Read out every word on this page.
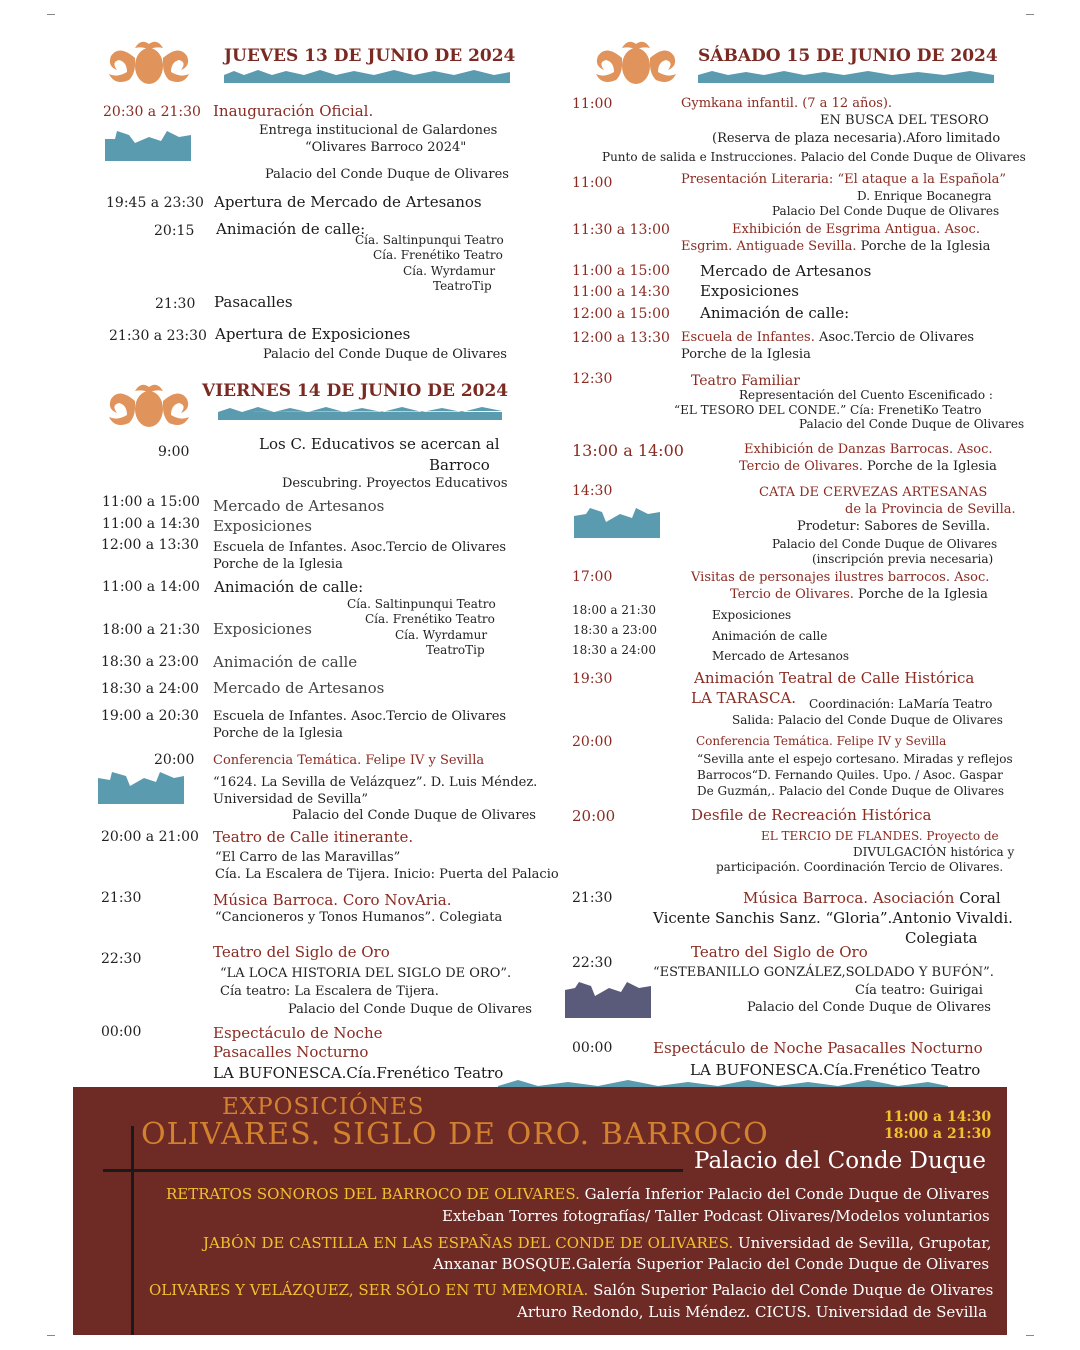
JUEVES 13 DE JUNIO DE 2024
20:30 a 21:30 Inauguración Oficial.
Entrega institucional de Galardones
“Olivares Barroco 2024"
Palacio del Conde Duque de Olivares
19:45 a 23:30 Apertura de Mercado de Artesanos
20:15 Animación de calle:
Cía. Saltinpunqui Teatro
Cía. Frenétiko Teatro
Cía. Wyrdamur
TeatroTip
21:30 Pasacalles
21:30 a 23:30 Apertura de Exposiciones
Palacio del Conde Duque de Olivares
VIERNES 14 DE JUNIO DE 2024
9:00	Los C. Educativos se acercan al
Barroco
Descubring. Proyectos Educativos
11:00 a 15:00 Mercado de Artesanos
11:00 a 14:30 Exposiciones
12:00 a 13:30 Escuela de Infantes. Asoc.Tercio de Olivares
Porche de la Iglesia
11:00 a 14:00 Animación de calle:
Cía. Saltinpunqui Teatro
Cía. Frenétiko Teatro
Cía. Wyrdamur
TeatroTip
18:00 a 21:30 Exposiciones
18:30 a 23:00 Animación de calle
18:30 a 24:00 Mercado de Artesanos
19:00 a 20:30 Escuela de Infantes. Asoc.Tercio de Olivares
Porche de la Iglesia
20:00 Conferencia Temática. Felipe IV y Sevilla
“1624. La Sevilla de Velázquez”. D. Luis Méndez.
Universidad de Sevilla”
Palacio del Conde Duque de Olivares
20:00 a 21:00 Teatro de Calle itinerante.
“El Carro de las Maravillas”
Cía. La Escalera de Tijera. Inicio: Puerta del Palacio
21:30	Música Barroca. Coro NovAria.
“Cancioneros y Tonos Humanos”. Colegiata
22:30	Teatro del Siglo de Oro
“LA LOCA HISTORIA DEL SIGLO DE ORO”.
Cía teatro: La Escalera de Tijera.
Palacio del Conde Duque de Olivares
00:00	Espectáculo de Noche
Pasacalles Nocturno
LA BUFONESCA.Cía.Frenético Teatro
SÁBADO 15 DE JUNIO DE 2024
11:00	Gymkana infantil. (7 a 12 años).
EN BUSCA DEL TESORO
(Reserva de plaza necesaria).Aforo limitado
Punto de salida e Instrucciones. Palacio del Conde Duque de Olivares
11:00	Presentación Literaria: “El ataque a la Española”
D. Enrique Bocanegra
Palacio Del Conde Duque de Olivares
11:30 a 13:00	Exhibición de Esgrima Antigua. Asoc.
Esgrim. Antiguade Sevilla. Porche de la Iglesia
11:00 a 15:00 Mercado de Artesanos
11:00 a 14:30 Exposiciones
12:00 a 15:00 Animación de calle:
12:00 a 13:30 Escuela de Infantes. Asoc.Tercio de Olivares
Porche de la Iglesia
12:30	Teatro Familiar
Representación del Cuento Escenificado :
“EL TESORO DEL CONDE.” Cía: FrenetiKo Teatro
Palacio del Conde Duque de Olivares
13:00 a 14:00	Exhibición de Danzas Barrocas. Asoc.
Tercio de Olivares. Porche de la Iglesia
14:30	CATA DE CERVEZAS ARTESANAS
de la Provincia de Sevilla.
Prodetur: Sabores de Sevilla.
Palacio del Conde Duque de Olivares
(inscripción previa necesaria)
17:00	Visitas de personajes ilustres barrocos. Asoc.
Tercio de Olivares. Porche de la Iglesia
18:00 a 21:30	Exposiciones
18:30 a 23:00	Animación de calle
18:30 a 24:00	Mercado de Artesanos
19:30	Animación Teatral de Calle Histórica
LA TARASCA. Coordinación: LaMaría Teatro
Salida: Palacio del Conde Duque de Olivares
20:00	Conferencia Temática. Felipe IV y Sevilla
“Sevilla ante el espejo cortesano. Miradas y reflejos
Barrocos“D. Fernando Quiles. Upo. / Asoc. Gaspar
De Guzmán,. Palacio del Conde Duque de Olivares
20:00	Desfile de Recreación Histórica
EL TERCIO DE FLANDES. Proyecto de
DIVULGACIÓN histórica y
participación. Coordinación Tercio de Olivares.
21:30	Música Barroca. Asociación Coral
Vicente Sanchis Sanz. “Gloria”.Antonio Vivaldi.
Colegiata
22:30
Teatro del Siglo de Oro
“ESTEBANILLO GONZÁLEZ,SOLDADO Y BUFÓN”.
Cía teatro: Guirigai
Palacio del Conde Duque de Olivares
00:00	Espectáculo de Noche Pasacalles Nocturno
LA BUFONESCA.Cía.Frenético Teatro
EXPOSICIÓNES
OLIVARES. SIGLO DE ORO. BARROCO	11:00 a 14:30
18:00 a 21:30
Palacio del Conde Duque
RETRATOS SONOROS DEL BARROCO DE OLIVARES. Galería Inferior Palacio del Conde Duque de Olivares
Exteban Torres fotografías/ Taller Podcast Olivares/Modelos voluntarios
JABÓN DE CASTILLA EN LAS ESPAÑAS DEL CONDE DE OLIVARES. Universidad de Sevilla, Grupotar,
Anxanar BOSQUE.Galería Superior Palacio del Conde Duque de Olivares
OLIVARES Y VELÁZQUEZ, SER SÓLO EN TU MEMORIA. Salón Superior Palacio del Conde Duque de Olivares
Arturo Redondo, Luis Méndez. CICUS. Universidad de Sevilla
